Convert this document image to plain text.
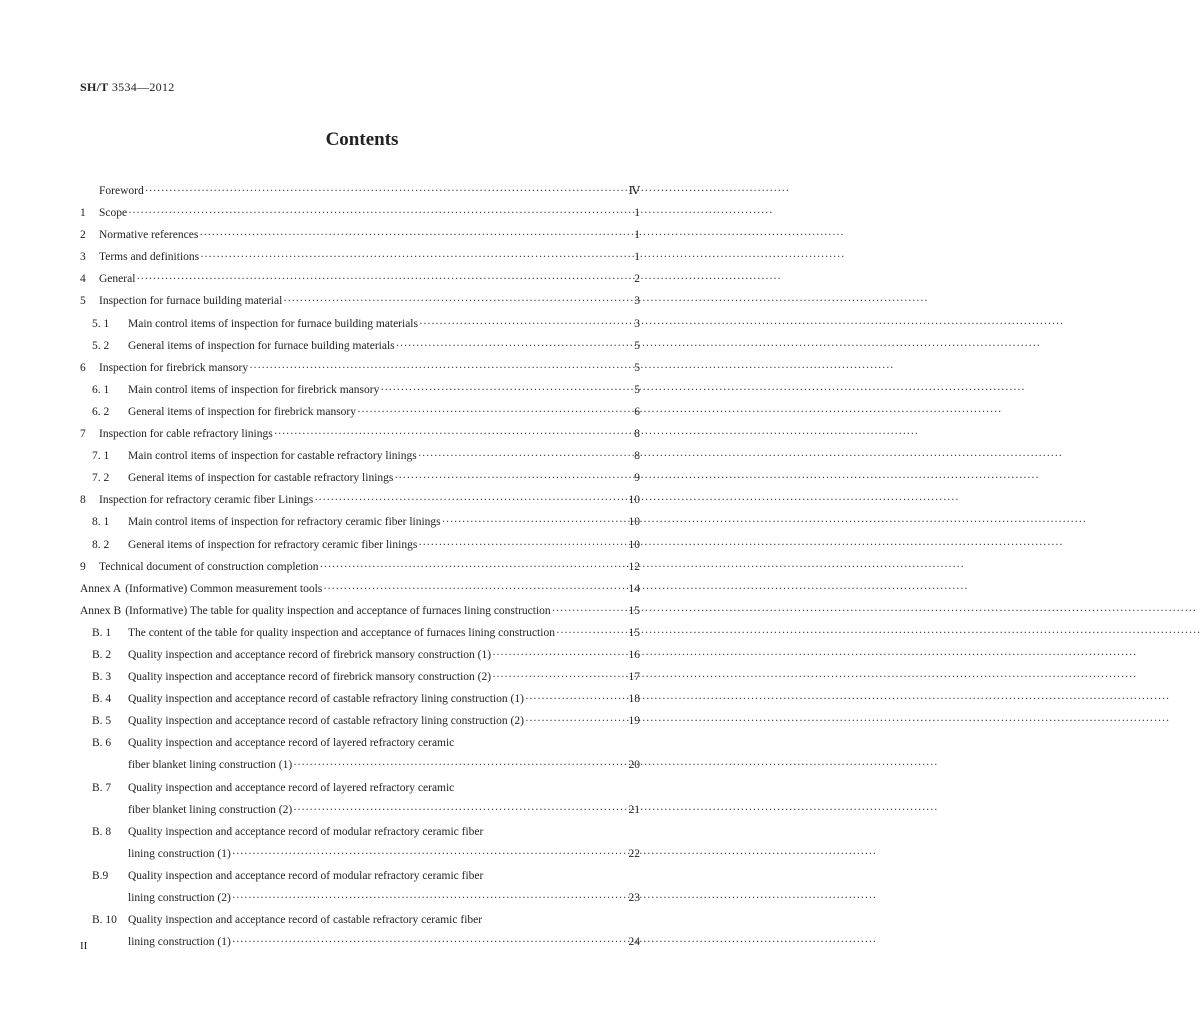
SH/T 3534—2012
Contents
Foreword ·····	Ⅳ
1	Scope ·····	1
2	Normative references ·····	1
3	Terms and definitions ·····	1
4	General ·····	2
5	Inspection for furnace building material ·····	3
5. 1	Main control items of inspection for furnace building materials ·····	3
5. 2	General items of inspection for furnace building materials ·····	5
6	Inspection for firebrick mansory ·····	5
6. 1	Main control items of inspection for firebrick mansory ·····	5
6. 2	General items of inspection for firebrick mansory ·····	6
7	Inspection for cable refractory linings ·····	8
7. 1	Main control items of inspection for castable refractory linings ·····	8
7. 2	General items of inspection for castable refractory linings ·····	9
8	Inspection for refractory ceramic fiber Linings ·····	10
8. 1	Main control items of inspection for refractory ceramic fiber linings ·····	10
8. 2	General items of inspection for refractory ceramic fiber linings ·····	10
9	Technical document of construction completion ·····	12
Annex A (Informative) Common measurement tools ·····	14
Annex B (Informative) The table for quality inspection and acceptance of furnaces lining construction ·····	15
B. 1	The content of the table for quality inspection and acceptance of furnaces lining construction ·····	15
B. 2	Quality inspection and acceptance record of firebrick mansory construction (1) ·····	16
B. 3	Quality inspection and acceptance record of firebrick mansory construction (2) ·····	17
B. 4	Quality inspection and acceptance record of castable refractory lining construction (1) ·····	18
B. 5	Quality inspection and acceptance record of castable refractory lining construction (2) ·····	19
B. 6	Quality inspection and acceptance record of layered refractory ceramic
fiber blanket lining construction (1) ·····	20
B. 7	Quality inspection and acceptance record of layered refractory ceramic
fiber blanket lining construction (2) ·····	21
B. 8	Quality inspection and acceptance record of modular refractory ceramic fiber
lining construction (1) ·····	22
B.9	Quality inspection and acceptance record of modular refractory ceramic fiber
lining construction (2) ·····	23
B. 10 Quality inspection and acceptance record of castable refractory ceramic fiber
lining construction (1) ·····	24
II
